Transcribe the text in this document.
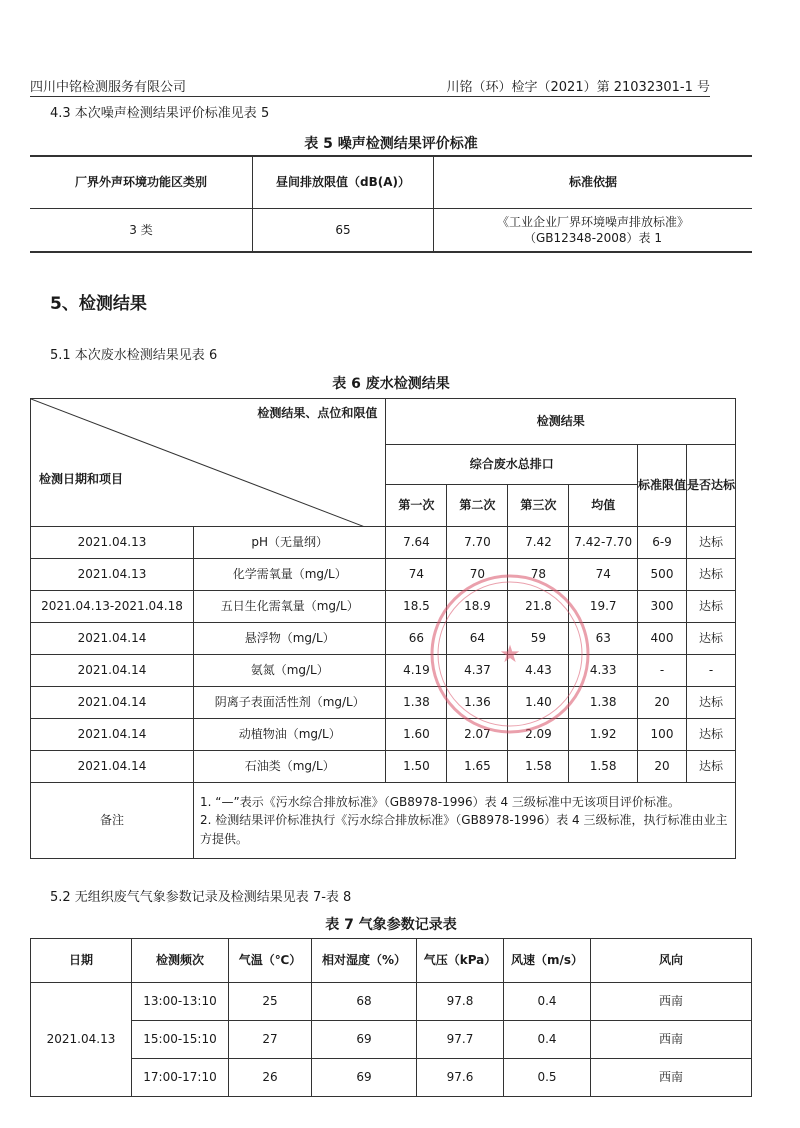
四川中铭检测服务有限公司	川铭（环）检字（2021）第 21032301-1 号
4.3 本次噪声检测结果评价标准见表 5
表 5 噪声检测结果评价标准
厂界外声环境功能区类别	昼间排放限值（dB(A)）	标准依据
3 类	65	《工业企业厂界环境噪声排放标准》
（GB12348-2008）表 1
5、检测结果
5.1 本次废水检测结果见表 6
表 6 废水检测结果
检测结果、点位和限值
检测日期和项目		检测结果					
		综合废水总排口				标准限值	是否达标
		第一次	第二次	第三次	均值		
2021.04.13	pH（无量纲）	7.64	7.70	7.42	7.42-7.70	6-9	达标
2021.04.13	化学需氧量（mg/L）	74	70	78	74	500	达标
2021.04.13-2021.04.18	五日生化需氧量（mg/L）	18.5	18.9	21.8	19.7	300	达标
2021.04.14	悬浮物（mg/L）	66	64	59	63	400	达标
2021.04.14	氨氮（mg/L）	4.19	4.37	4.43	4.33	-	-
2021.04.14	阴离子表面活性剂（mg/L）	1.38	1.36	1.40	1.38	20	达标
2021.04.14	动植物油（mg/L）	1.60	2.07	2.09	1.92	100	达标
2021.04.14	石油类（mg/L）	1.50	1.65	1.58	1.58	20	达标
备注	1. “—”表示《污水综合排放标准》（GB8978-1996）表 4 三级标准中无该项目评价标准。
2. 检测结果评价标准执行《污水综合排放标准》（GB8978-1996）表 4 三级标准，执行标准由业主方提供。						
5.2 无组织废气气象参数记录及检测结果见表 7-表 8
表 7 气象参数记录表
日期	检测频次	气温（℃）	相对湿度（%）	气压（kPa）	风速（m/s）	风向
2021.04.13	13:00-13:10	25	68	97.8	0.4	西南
	15:00-15:10	27	69	97.7	0.4	西南
	17:00-17:10	26	69	97.6	0.5	西南
★
